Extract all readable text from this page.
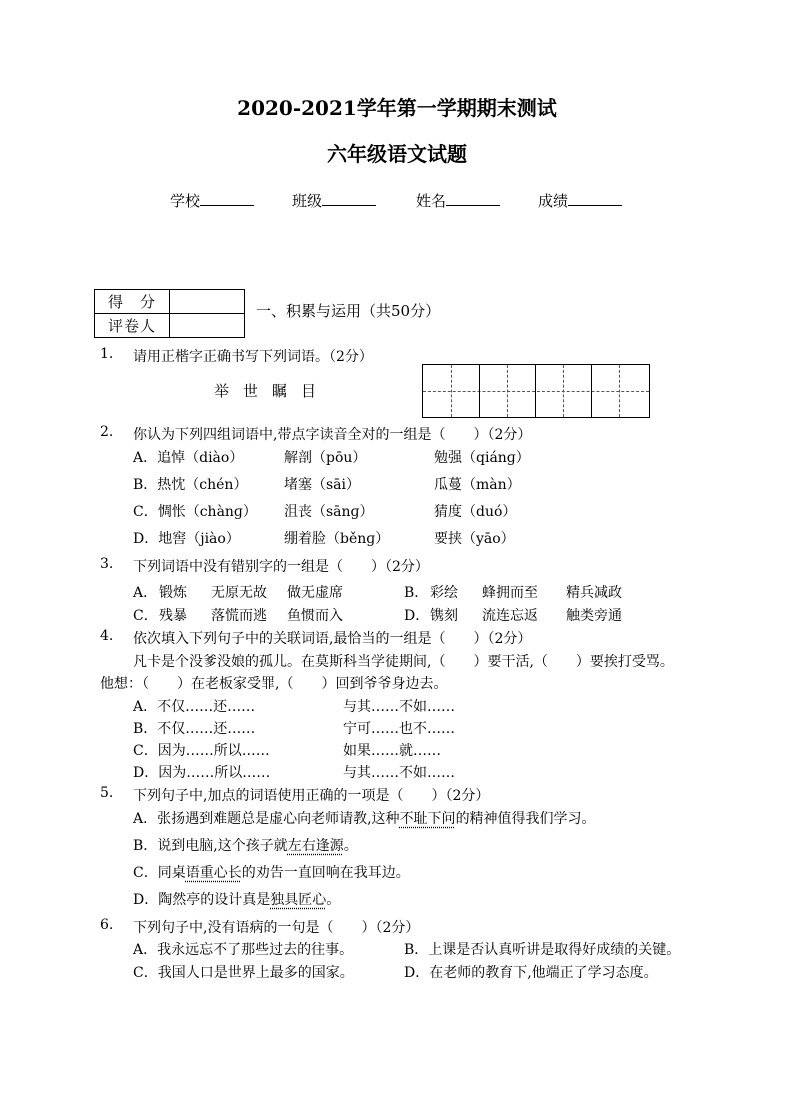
2020-2021学年第一学期期末测试
六年级语文试题
学校	班级	姓名	成绩
得　分	
评卷人	
一、积累与运用（共50分）
1. 请用正楷字正确书写下列词语。（2分）
举世瞩目
2. 你认为下列四组词语中,带点字读音全对的一组是（　　）（2分）
A．追悼（diào）	解剖（pōu）	勉强（qiánɡ）
B．热忱（chén）	堵塞（sāi）	瓜蔓（màn）
C．惆怅（chànɡ） 沮丧（sānɡ）	猜度（duó）
D．地窖（jiào）	绷着脸（běnɡ）	要挟（yāo）
3. 下列词语中没有错别字的一组是（　　）（2分）
A． 锻炼 无原无故 做无虚席	B． 彩绘 蜂拥而至 精兵减政
C． 残暴 落慌而逃 鱼惯而入	D． 镌刻 流连忘返 触类旁通
4. 依次填入下列句子中的关联词语,最恰当的一组是（　　）（2分）
凡卡是个没爹没娘的孤儿。在莫斯科当学徒期间,（　　）要干活,（　　）要挨打受骂。
他想：（　　）在老板家受罪,（　　）回到爷爷身边去。
A．不仅……还……	与其……不如……
B．不仅……还……	宁可……也不……
C．因为……所以……	如果……就……
D．因为……所以……	与其……不如……
5. 下列句子中,加点的词语使用正确的一项是（　　）（2分）
A．张扬遇到难题总是虚心向老师请教,这种不耻下问的精神值得我们学习。
B．说到电脑,这个孩子就左右逢源。
C．同桌语重心长的劝告一直回响在我耳边。
D．陶然亭的设计真是独具匠心。
6. 下列句子中,没有语病的一句是（　　）（2分）
A．我永远忘不了那些过去的往事。	B．上课是否认真听讲是取得好成绩的关键。
C．我国人口是世界上最多的国家。	D．在老师的教育下,他端正了学习态度。
